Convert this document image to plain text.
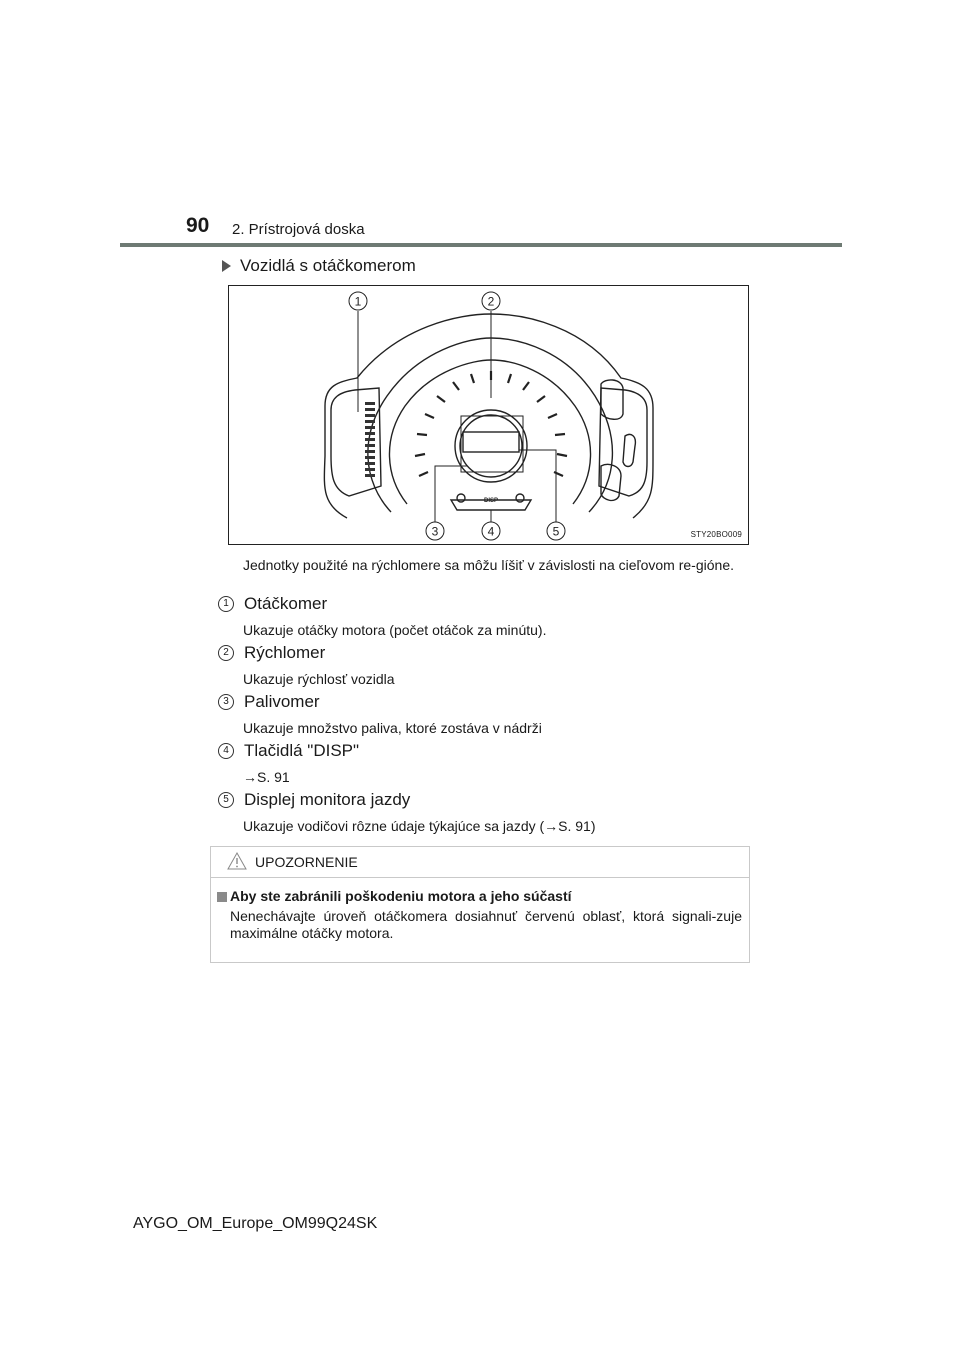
90 2. Prístrojová doska
Vozidlá s otáčkomerom
1	2
3	4	5
DISP
STY20BO009
Jednotky použité na rýchlomere sa môžu líšiť v závislosti na cieľovom re-gióne.
1 Otáčkomer
Ukazuje otáčky motora (počet otáčok za minútu).
2 Rýchlomer
Ukazuje rýchlosť vozidla
3 Palivomer
Ukazuje množstvo paliva, ktoré zostáva v nádrži
4 Tlačidlá "DISP"
→S. 91
5 Displej monitora jazdy
Ukazuje vodičovi rôzne údaje týkajúce sa jazdy (→S. 91)
UPOZORNENIE
Aby ste zabránili poškodeniu motora a jeho súčastí
Nenechávajte úroveň otáčkomera dosiahnuť červenú oblasť, ktorá signali-zuje maximálne otáčky motora.
AYGO_OM_Europe_OM99Q24SK
